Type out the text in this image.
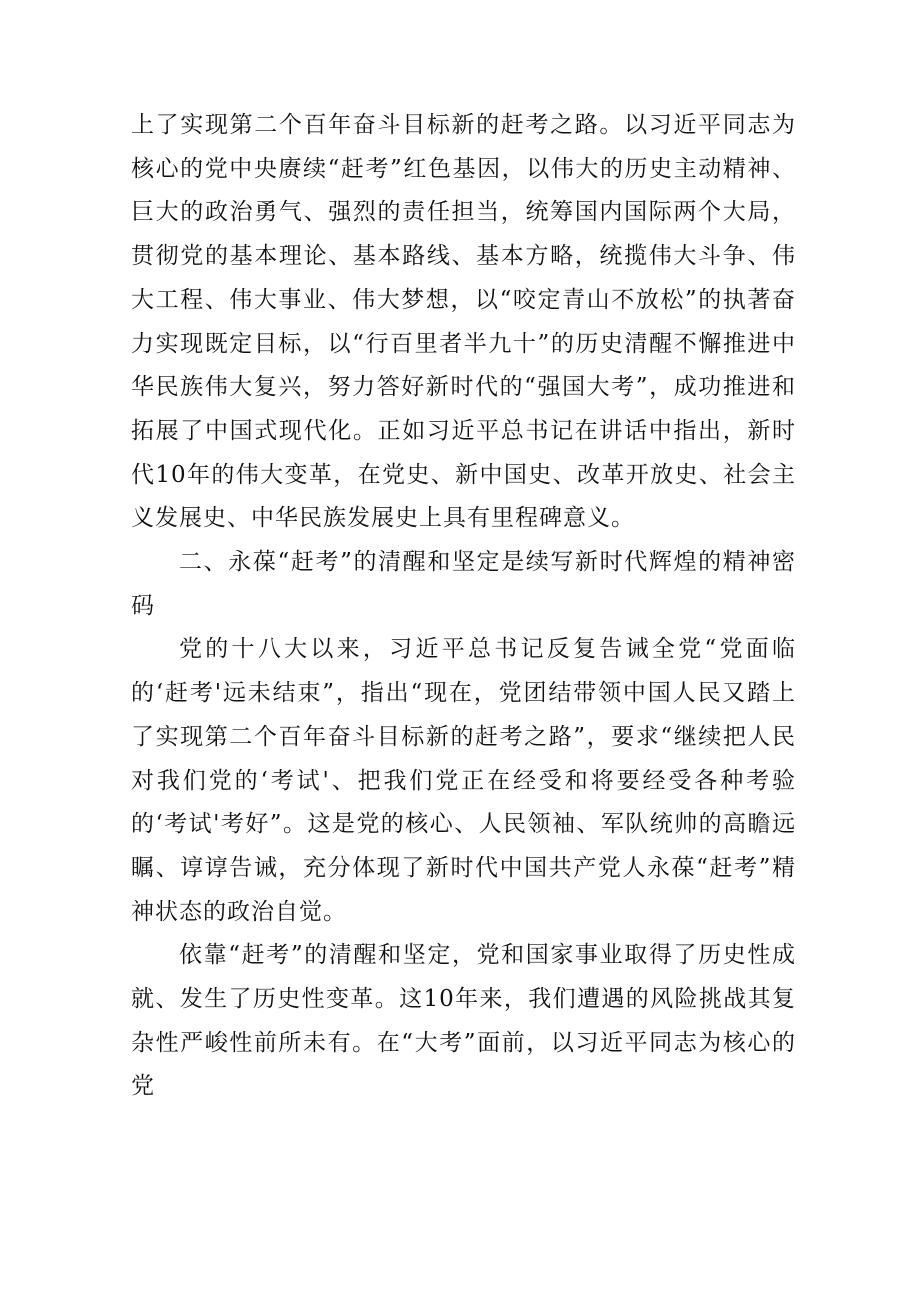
上了实现第二个百年奋斗目标新的赶考之路。以习近平同志为核心的党中央赓续“赶考”红色基因，以伟大的历史主动精神、巨大的政治勇气、强烈的责任担当，统筹国内国际两个大局，贯彻党的基本理论、基本路线、基本方略，统揽伟大斗争、伟大工程、伟大事业、伟大梦想，以“咬定青山不放松”的执著奋力实现既定目标，以“行百里者半九十”的历史清醒不懈推进中华民族伟大复兴，努力答好新时代的“强国大考”，成功推进和拓展了中国式现代化。正如习近平总书记在讲话中指出，新时代10年的伟大变革，在党史、新中国史、改革开放史、社会主义发展史、中华民族发展史上具有里程碑意义。

二、永葆“赶考”的清醒和坚定是续写新时代辉煌的精神密码

党的十八大以来，习近平总书记反复告诫全党“党面临的‘赶考'远未结束”，指出“现在，党团结带领中国人民又踏上了实现第二个百年奋斗目标新的赶考之路”，要求“继续把人民对我们党的‘考试'、把我们党正在经受和将要经受各种考验的‘考试'考好”。这是党的核心、人民领袖、军队统帅的高瞻远瞩、谆谆告诫，充分体现了新时代中国共产党人永葆“赶考”精神状态的政治自觉。

依靠“赶考”的清醒和坚定，党和国家事业取得了历史性成就、发生了历史性变革。这10年来，我们遭遇的风险挑战其复杂性严峻性前所未有。在“大考”面前，以习近平同志为核心的党
